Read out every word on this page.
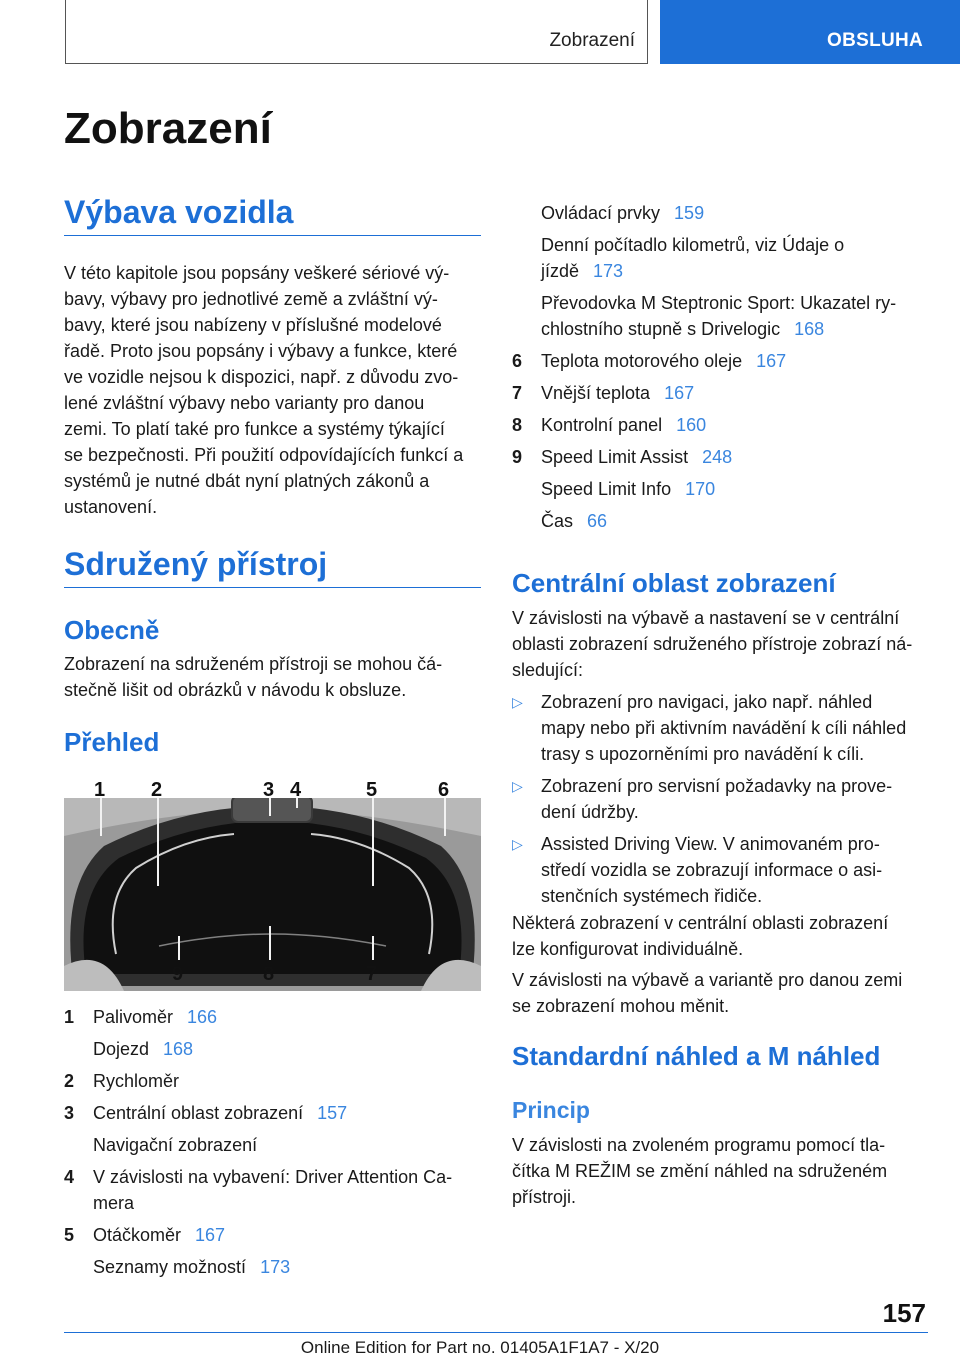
Zobrazení	OBSLUHA
Zobrazení
Výbava vozidla
V této kapitole jsou popsány veškeré sériové vý‐
bavy, výbavy pro jednotlivé země a zvláštní vý‐
bavy, které jsou nabízeny v příslušné modelové
řadě. Proto jsou popsány i výbavy a funkce, které
ve vozidle nejsou k dispozici, např. z důvodu zvo‐
lené zvláštní výbavy nebo varianty pro danou
zemi. To platí také pro funkce a systémy týkající
se bezpečnosti. Při použití odpovídajících funkcí a
systémů je nutné dbát nyní platných zákonů a
ustanovení.
Sdružený přístroj
Obecně
Zobrazení na sdruženém přístroji se mohou čá‐
stečně lišit od obrázků v návodu k obsluze.
Přehled
1 2	3 4	5	6
9	8	7
1 Palivoměr 166
Dojezd 168
2 Rychloměr
3 Centrální oblast zobrazení 157
Navigační zobrazení
4 V závislosti na vybavení: Driver Attention Ca‐
mera
5 Otáčkoměr 167
Seznamy možností 173
Ovládací prvky 159
Denní počítadlo kilometrů, viz Údaje o
jízdě 173
Převodovka M Steptronic Sport: Ukazatel ry‐
chlostního stupně s Drivelogic 168
6 Teplota motorového oleje 167
7 Vnější teplota 167
8 Kontrolní panel 160
9 Speed Limit Assist 248
Speed Limit Info 170
Čas 66
Centrální oblast zobrazení
V závislosti na výbavě a nastavení se v centrální
oblasti zobrazení sdruženého přístroje zobrazí ná‐
sledující:
▷ Zobrazení pro navigaci, jako např. náhled
mapy nebo při aktivním navádění k cíli náhled
trasy s upozorněními pro navádění k cíli.
▷ Zobrazení pro servisní požadavky na prove‐
dení údržby.
▷ Assisted Driving View. V animovaném pro‐
středí vozidla se zobrazují informace o asi‐
stenčních systémech řidiče.
Některá zobrazení v centrální oblasti zobrazení
lze konfigurovat individuálně.
V závislosti na výbavě a variantě pro danou zemi
se zobrazení mohou měnit.
Standardní náhled a M náhled
Princip
V závislosti na zvoleném programu pomocí tla‐
čítka M REŽIM se změní náhled na sdruženém
přístroji.
157
Online Edition for Part no. 01405A1F1A7 - X/20
